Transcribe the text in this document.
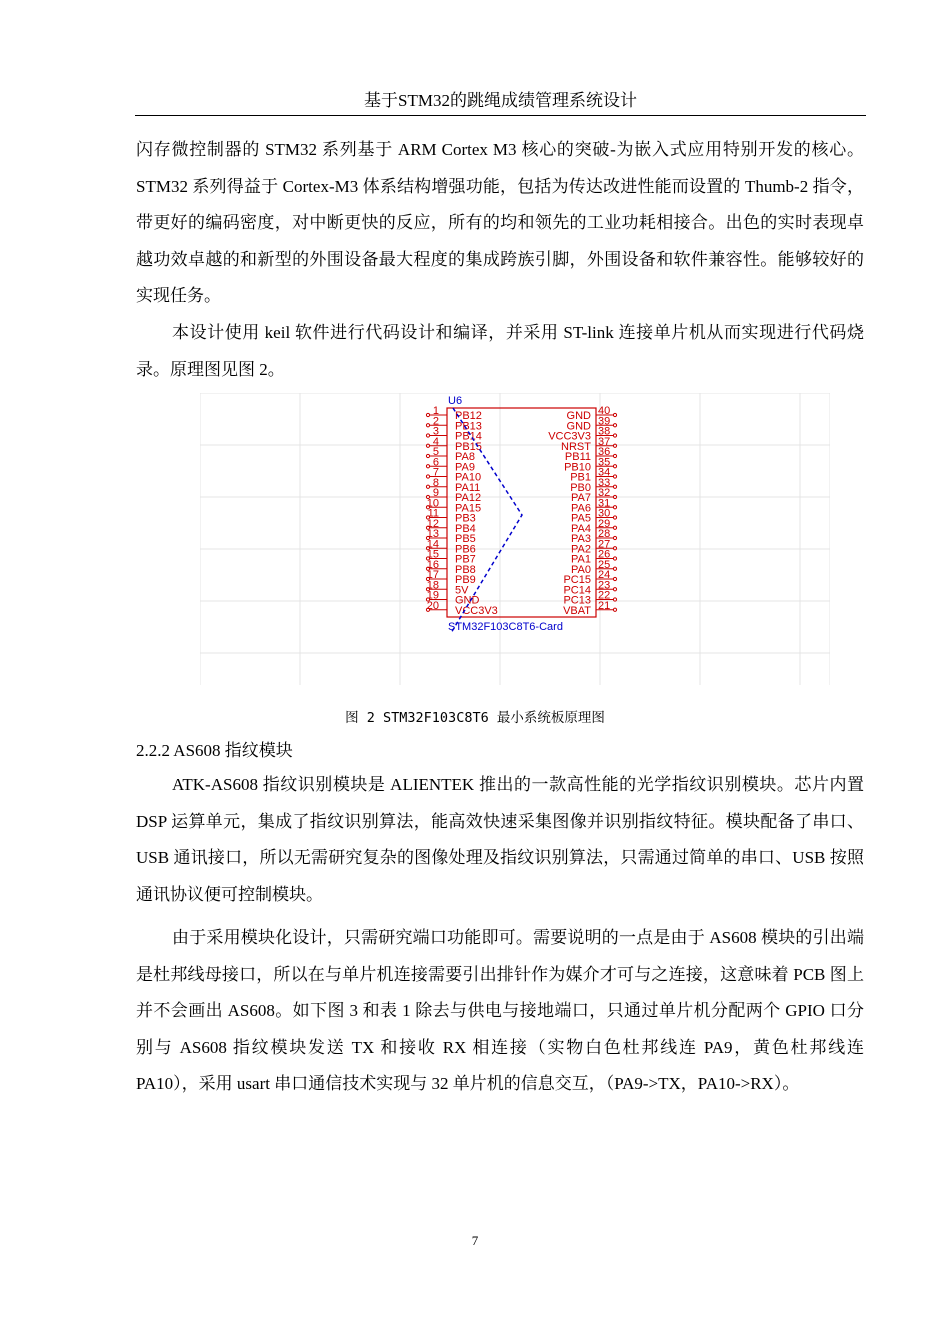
基于STM32的跳绳成绩管理系统设计

闪存微控制器的 STM32 系列基于 ARM Cortex M3 核心的突破-为嵌入式应用特别开发的核心。STM32 系列得益于 Cortex-M3 体系结构增强功能，包括为传达改进性能而设置的 Thumb-2 指令，带更好的编码密度，对中断更快的反应，所有的均和领先的工业功耗相接合。出色的实时表现卓越功效卓越的和新型的外围设备最大程度的集成跨族引脚，外围设备和软件兼容性。能够较好的实现任务。

本设计使用 keil 软件进行代码设计和编译，并采用 ST-link 连接单片机从而实现进行代码烧录。原理图见图 2。

U6
STM32F103C8T6-Card
1 PB12
2 PB13
3 PB14
4 PB15
5 PA8
6 PA9
7 PA10
8 PA11
9 PA12
10 PA15
11 PB3
12 PB4
13 PB5
14 PB6
15 PB7
16 PB8
17 PB9
18 5V
19 GND
20 VCC3V3
40
GND 39
GND 38
VCC3V3 37
NRST 36
PB11 35
PB10 34
PB1 33
PB0 32
PA7 31
PA6 30
PA5 29
PA4 28
PA3 27
PA2 26
PA1 25
PA0 24
PC15 23
PC14 22
PC13 21
VBAT
图 2 STM32F103C8T6 最小系统板原理图
2.2.2 AS608 指纹模块

ATK-AS608 指纹识别模块是 ALIENTEK 推出的一款高性能的光学指纹识别模块。芯片内置 DSP 运算单元，集成了指纹识别算法，能高效快速采集图像并识别指纹特征。模块配备了串口、USB 通讯接口，所以无需研究复杂的图像处理及指纹识别算法，只需通过简单的串口、USB 按照通讯协议便可控制模块。

由于采用模块化设计，只需研究端口功能即可。需要说明的一点是由于 AS608 模块的引出端是杜邦线母接口，所以在与单片机连接需要引出排针作为媒介才可与之连接，这意味着 PCB 图上并不会画出 AS608。如下图 3 和表 1 除去与供电与接地端口，只通过单片机分配两个 GPIO 口分别与 AS608 指纹模块发送 TX 和接收 RX 相连接（实物白色杜邦线连 PA9，黄色杜邦线连 PA10），采用 usart 串口通信技术实现与 32 单片机的信息交互，（PA9->TX，PA10->RX）。

7
